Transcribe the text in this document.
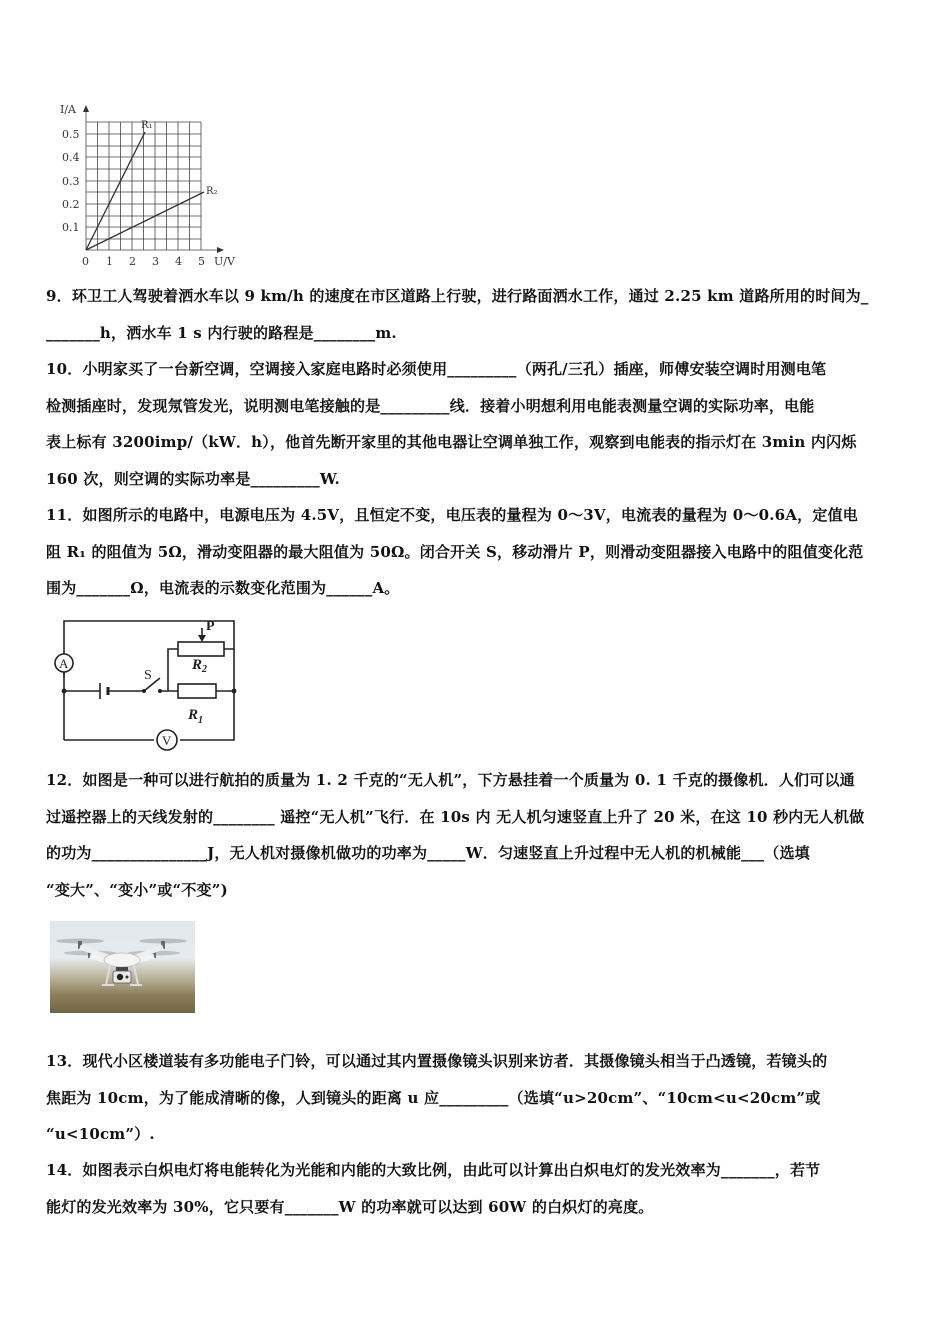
I/A
0.1
0.2
0.3
0.4
0.5
0 1 2 3 4 5 U/V
R₁
R₂

9．环卫工人驾驶着洒水车以 9 km/h 的速度在市区道路上行驶，进行路面洒水工作，通过 2.25 km 道路所用的时间为_

_______h，洒水车 1 s 内行驶的路程是________m.

10．小明家买了一台新空调，空调接入家庭电路时必须使用_________（两孔/三孔）插座，师傅安装空调时用测电笔

检测插座时，发现氖管发光，说明测电笔接触的是_________线．接着小明想利用电能表测量空调的实际功率，电能

表上标有 3200imp/（kW．h），他首先断开家里的其他电器让空调单独工作，观察到电能表的指示灯在 3min 内闪烁

160 次，则空调的实际功率是_________W.

11．如图所示的电路中，电源电压为 4.5V，且恒定不变，电压表的量程为 0～3V，电流表的量程为 0～0.6A，定值电

阻 R₁ 的阻值为 5Ω，滑动变阻器的最大阻值为 50Ω。闭合开关 S，移动滑片 P，则滑动变阻器接入电路中的阻值变化范

围为_______Ω，电流表的示数变化范围为______A。

A
V
S
P
$R_2$
$R_1$

12．如图是一种可以进行航拍的质量为 1. 2 千克的“无人机”，下方悬挂着一个质量为 0. 1 千克的摄像机．人们可以通

过遥控器上的天线发射的________ 遥控“无人机”飞行．在 10s 内 无人机匀速竖直上升了 20 米，在这 10 秒内无人机做

的功为_______________J，无人机对摄像机做功的功率为_____W．匀速竖直上升过程中无人机的机械能___（选填

“变大”、“变小”或“不变”)

13．现代小区楼道装有多功能电子门铃，可以通过其内置摄像镜头识别来访者．其摄像镜头相当于凸透镜，若镜头的

焦距为 10cm，为了能成清晰的像，人到镜头的距离 u 应_________（选填“u>20cm”、“10cm<u<20cm”或

“u<10cm”）.

14．如图表示白炽电灯将电能转化为光能和内能的大致比例，由此可以计算出白炽电灯的发光效率为_______，若节

能灯的发光效率为 30%，它只要有_______W 的功率就可以达到 60W 的白炽灯的亮度。
